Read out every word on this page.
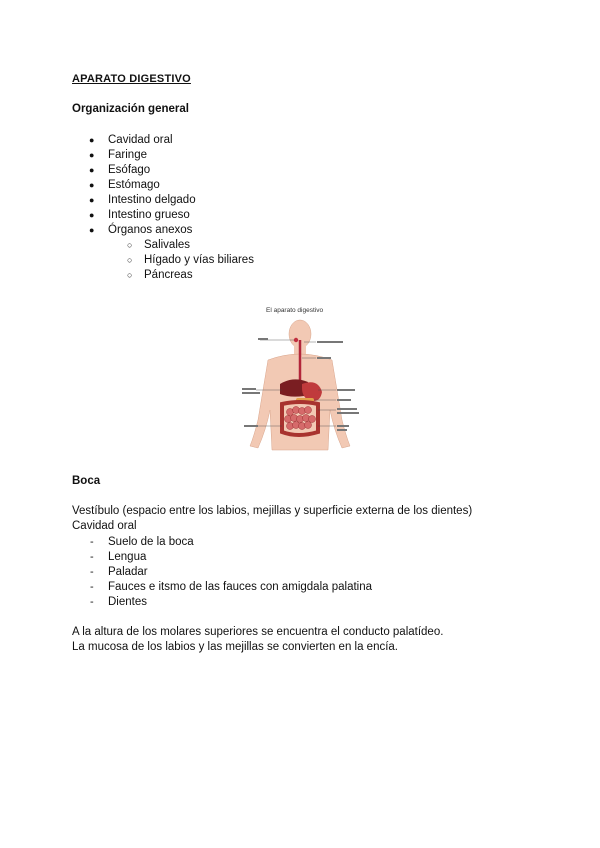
APARATO DIGESTIVO
Organización general
● Cavidad oral
● Faringe
● Esófago
● Estómago
● Intestino delgado
● Intestino grueso
● Órganos anexos
○ Salivales
○ Hígado y vías biliares
○ Páncreas
El aparato digestivo
Boca
Vestíbulo (espacio entre los labios, mejillas y superficie externa de los dientes)
Cavidad oral
- Suelo de la boca
- Lengua
- Paladar
- Fauces e itsmo de las fauces con amigdala palatina
- Dientes
A la altura de los molares superiores se encuentra el conducto palatídeo.
La mucosa de los labios y las mejillas se convierten en la encía.
